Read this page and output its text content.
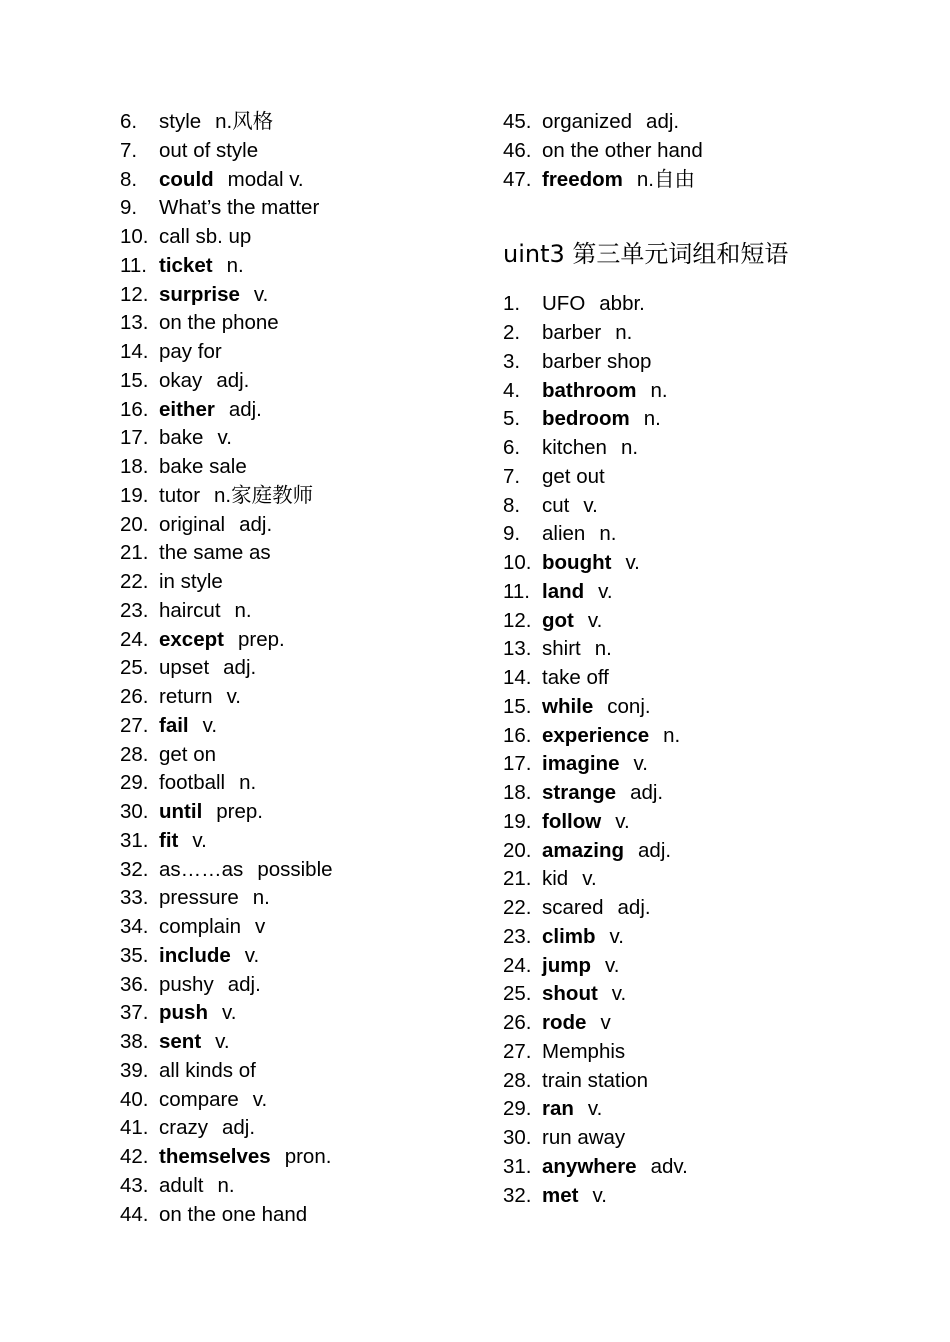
6. style n.风格
7. out of style
8. could modal v.
9. What’s the matter
10. call sb. up
11. ticket n.
12. surprise v.
13. on the phone
14. pay for
15. okay adj.
16. either adj.
17. bake v.
18. bake sale
19. tutor n.家庭教师
20. original adj.
21. the same as
22. in style
23. haircut n.
24. except prep.
25. upset adj.
26. return v.
27. fail v.
28. get on
29. football n.
30. until prep.
31. fit v.
32. as……as possible
33. pressure n.
34. complain v
35. include v.
36. pushy adj.
37. push v.
38. sent v.
39. all kinds of
40. compare v.
41. crazy adj.
42. themselves pron.
43. adult n.
44. on the one hand
45. organized adj.
46. on the other hand
47. freedom n.自由
uint3 第三单元词组和短语
1. UFO abbr.
2. barber n.
3. barber shop
4. bathroom n.
5. bedroom n.
6. kitchen n.
7. get out
8. cut v.
9. alien n.
10. bought v.
11. land v.
12. got v.
13. shirt n.
14. take off
15. while conj.
16. experience n.
17. imagine v.
18. strange adj.
19. follow v.
20. amazing adj.
21. kid v.
22. scared adj.
23. climb v.
24. jump v.
25. shout v.
26. rode v
27. Memphis
28. train station
29. ran v.
30. run away
31. anywhere adv.
32. met v.
